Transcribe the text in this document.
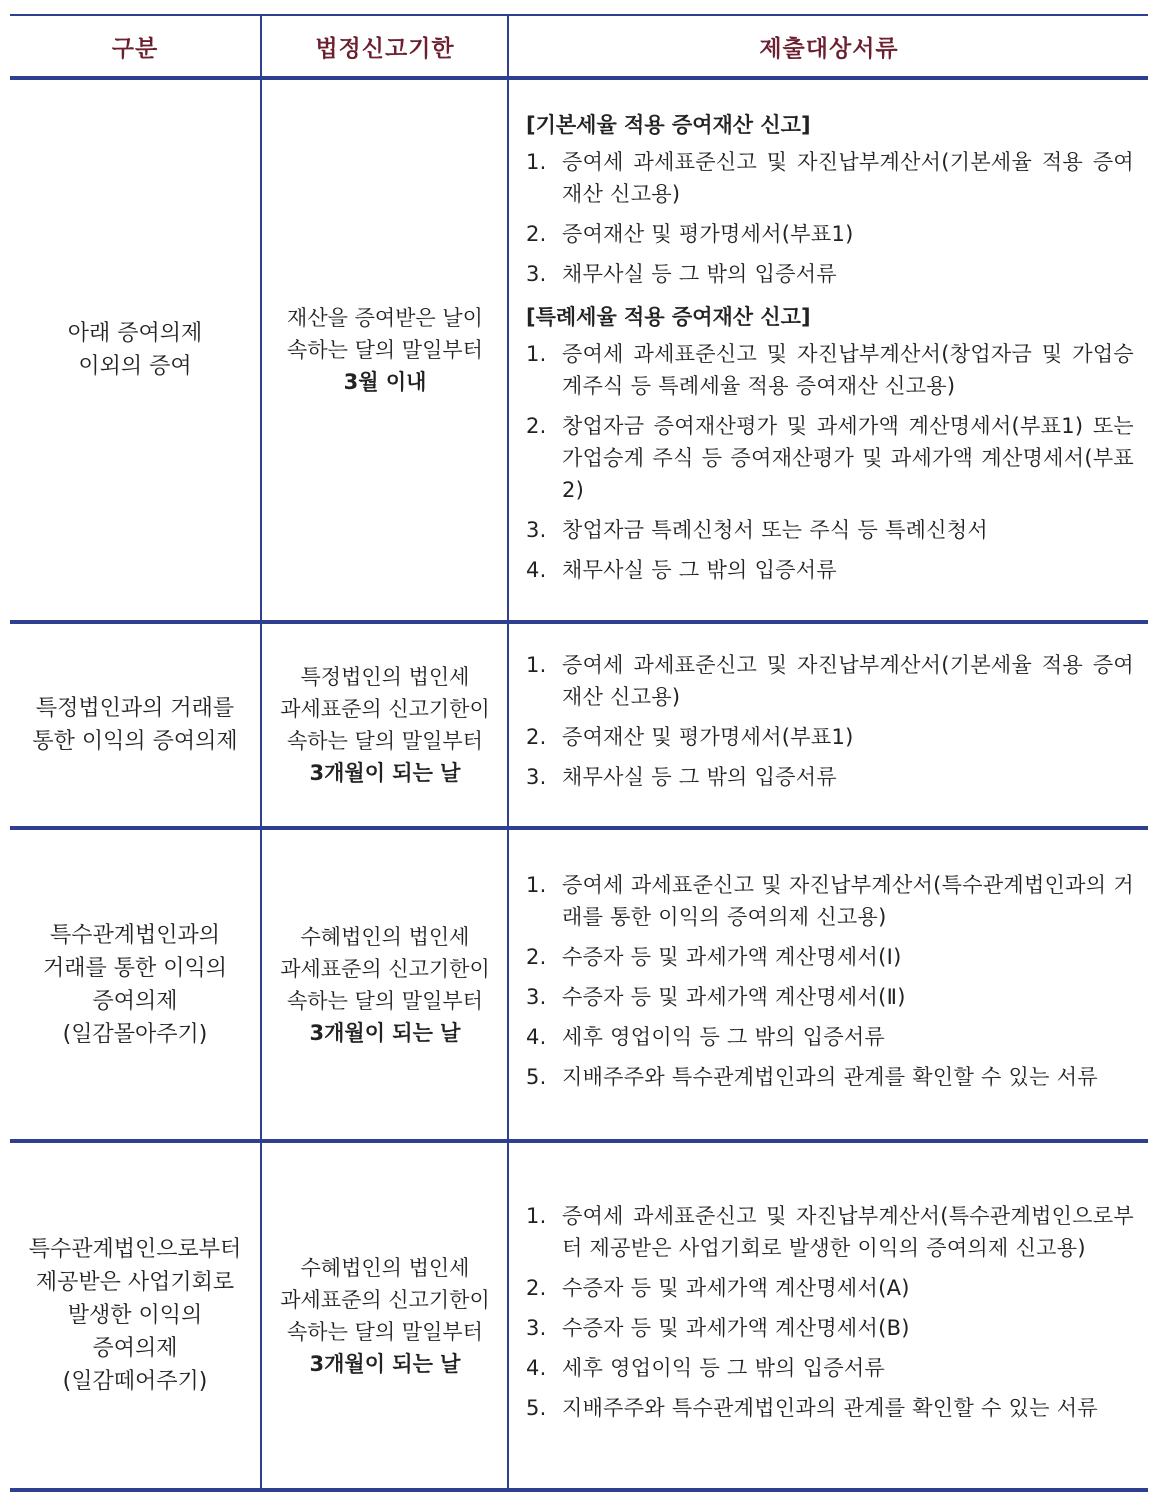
구분	법정신고기한	제출대상서류
아래 증여의제
이외의 증여
재산을 증여받은 날이
속하는 달의 말일부터
3월 이내
[기본세율 적용 증여재산 신고]
1. 증여세 과세표준신고 및 자진납부계산서(기본세율 적용 증여재산 신고용)
2. 증여재산 및 평가명세서(부표1)
3. 채무사실 등 그 밖의 입증서류
[특례세율 적용 증여재산 신고]
1. 증여세 과세표준신고 및 자진납부계산서(창업자금 및 가업승계주식 등 특례세율 적용 증여재산 신고용)
2. 창업자금 증여재산평가 및 과세가액 계산명세서(부표1) 또는 가업승계 주식 등 증여재산평가 및 과세가액 계산명세서(부표2)
3. 창업자금 특례신청서 또는 주식 등 특례신청서
4. 채무사실 등 그 밖의 입증서류
특정법인과의 거래를
통한 이익의 증여의제
특정법인의 법인세
과세표준의 신고기한이
속하는 달의 말일부터
3개월이 되는 날
1. 증여세 과세표준신고 및 자진납부계산서(기본세율 적용 증여재산 신고용)
2. 증여재산 및 평가명세서(부표1)
3. 채무사실 등 그 밖의 입증서류
특수관계법인과의
거래를 통한 이익의
증여의제
(일감몰아주기)
수혜법인의 법인세
과세표준의 신고기한이
속하는 달의 말일부터
3개월이 되는 날
1. 증여세 과세표준신고 및 자진납부계산서(특수관계법인과의 거래를 통한 이익의 증여의제 신고용)
2. 수증자 등 및 과세가액 계산명세서(Ⅰ)
3. 수증자 등 및 과세가액 계산명세서(Ⅱ)
4. 세후 영업이익 등 그 밖의 입증서류
5. 지배주주와 특수관계법인과의 관계를 확인할 수 있는 서류
특수관계법인으로부터
제공받은 사업기회로
발생한 이익의
증여의제
(일감떼어주기)
수혜법인의 법인세
과세표준의 신고기한이
속하는 달의 말일부터
3개월이 되는 날
1. 증여세 과세표준신고 및 자진납부계산서(특수관계법인으로부터 제공받은 사업기회로 발생한 이익의 증여의제 신고용)
2. 수증자 등 및 과세가액 계산명세서(A)
3. 수증자 등 및 과세가액 계산명세서(B)
4. 세후 영업이익 등 그 밖의 입증서류
5. 지배주주와 특수관계법인과의 관계를 확인할 수 있는 서류
